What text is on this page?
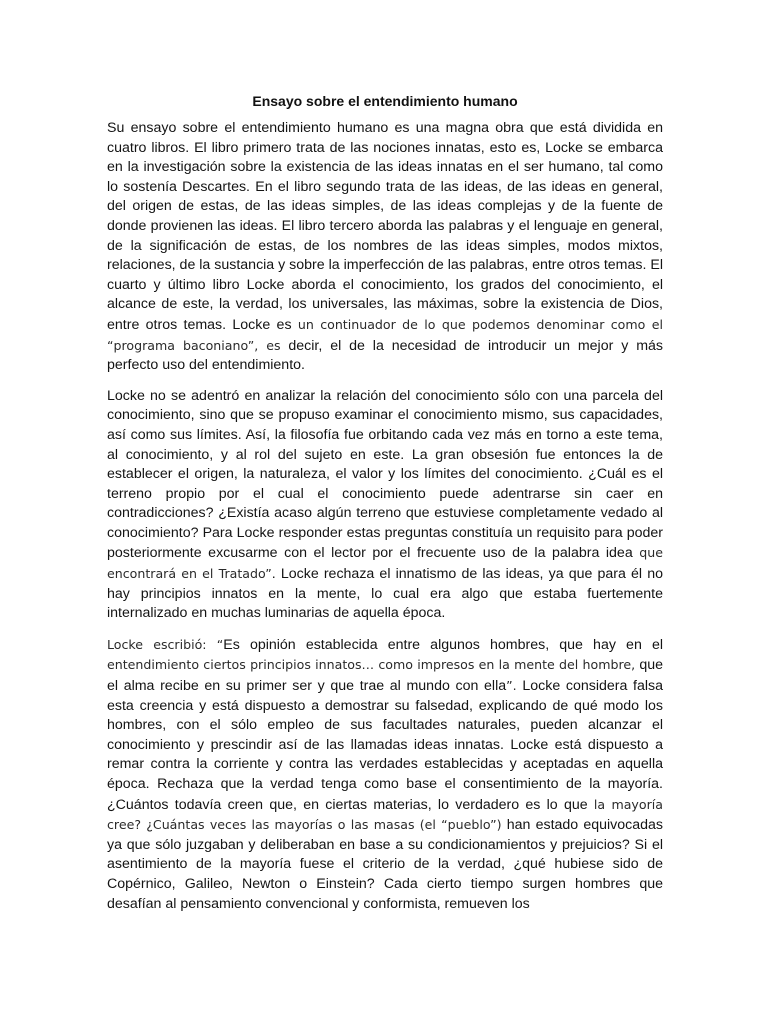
Ensayo sobre el entendimiento humano

Su ensayo sobre el entendimiento humano es una magna obra que está dividida en cuatro libros. El libro primero trata de las nociones innatas, esto es, Locke se embarca en la investigación sobre la existencia de las ideas innatas en el ser humano, tal como lo sostenía Descartes. En el libro segundo trata de las ideas, de las ideas en general, del origen de estas, de las ideas simples, de las ideas complejas y de la fuente de donde provienen las ideas. El libro tercero aborda las palabras y el lenguaje en general, de la significación de estas, de los nombres de las ideas simples, modos mixtos, relaciones, de la sustancia y sobre la imperfección de las palabras, entre otros temas. El cuarto y último libro Locke aborda el conocimiento, los grados del conocimiento, el alcance de este, la verdad, los universales, las máximas, sobre la existencia de Dios, entre otros temas. Locke es un continuador de lo que podemos denominar como el “programa baconiano”, es decir, el de la necesidad de introducir un mejor y más perfecto uso del entendimiento.

Locke no se adentró en analizar la relación del conocimiento sólo con una parcela del conocimiento, sino que se propuso examinar el conocimiento mismo, sus capacidades, así como sus límites. Así, la filosofía fue orbitando cada vez más en torno a este tema, al conocimiento, y al rol del sujeto en este. La gran obsesión fue entonces la de establecer el origen, la naturaleza, el valor y los límites del conocimiento. ¿Cuál es el terreno propio por el cual el conocimiento puede adentrarse sin caer en contradicciones? ¿Existía acaso algún terreno que estuviese completamente vedado al conocimiento? Para Locke responder estas preguntas constituía un requisito para poder posteriormente excusarme con el lector por el frecuente uso de la palabra idea que encontrará en el Tratado”. Locke rechaza el innatismo de las ideas, ya que para él no hay principios innatos en la mente, lo cual era algo que estaba fuertemente internalizado en muchas luminarias de aquella época.

Locke escribió: “Es opinión establecida entre algunos hombres, que hay en el entendimiento ciertos principios innatos… como impresos en la mente del hombre, que el alma recibe en su primer ser y que trae al mundo con ella”. Locke considera falsa esta creencia y está dispuesto a demostrar su falsedad, explicando de qué modo los hombres, con el sólo empleo de sus facultades naturales, pueden alcanzar el conocimiento y prescindir así de las llamadas ideas innatas. Locke está dispuesto a remar contra la corriente y contra las verdades establecidas y aceptadas en aquella época. Rechaza que la verdad tenga como base el consentimiento de la mayoría. ¿Cuántos todavía creen que, en ciertas materias, lo verdadero es lo que la mayoría cree? ¿Cuántas veces las mayorías o las masas (el “pueblo”) han estado equivocadas ya que sólo juzgaban y deliberaban en base a su condicionamientos y prejuicios? Si el asentimiento de la mayoría fuese el criterio de la verdad, ¿qué hubiese sido de Copérnico, Galileo, Newton o Einstein? Cada cierto tiempo surgen hombres que desafían al pensamiento convencional y conformista, remueven los
